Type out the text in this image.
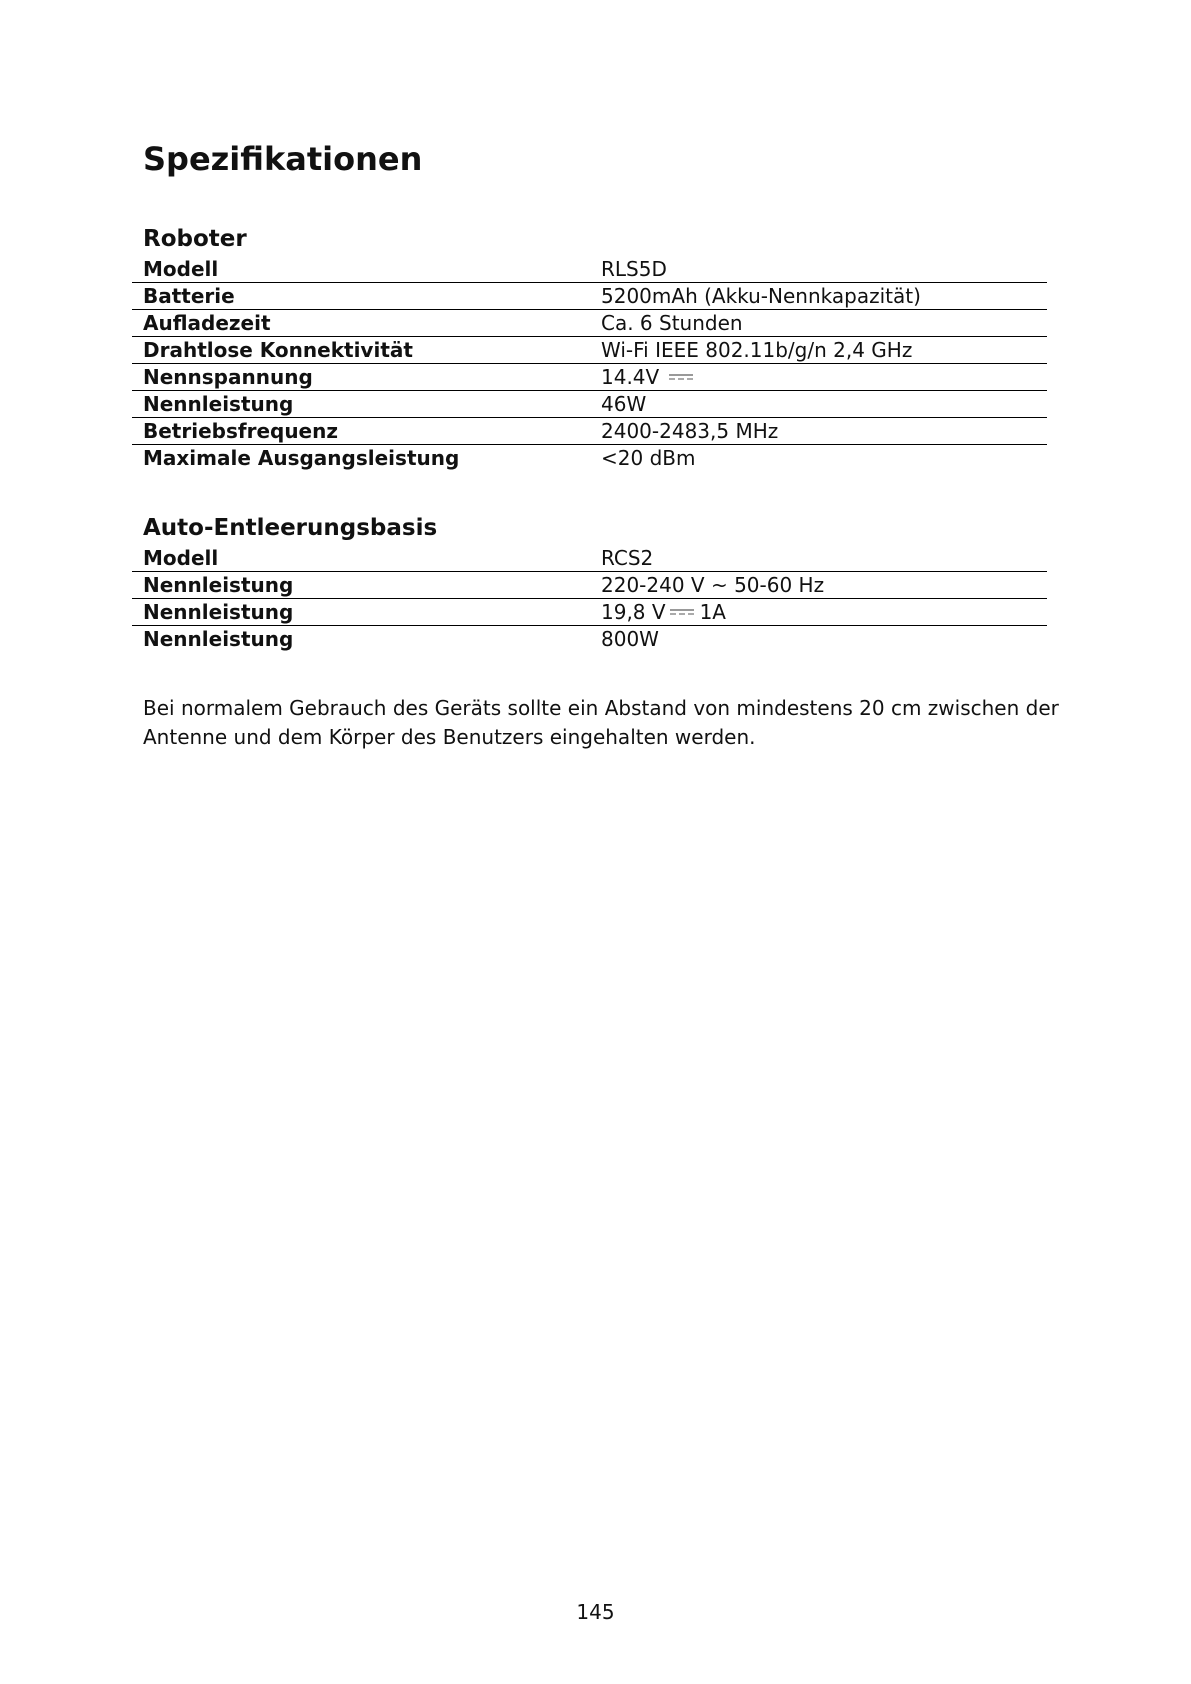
Spezifikationen
Roboter
Modell	RLS5D
Batterie	5200mAh (Akku-Nennkapazität)
Aufladezeit	Ca. 6 Stunden
Drahtlose Konnektivität	Wi-Fi IEEE 802.11b/g/n 2,4 GHz
Nennspannung	14.4V
Nennleistung	46W
Betriebsfrequenz	2400-2483,5 MHz
Maximale Ausgangsleistung	<20 dBm
Auto-Entleerungsbasis
Modell	RCS2
Nennleistung	220-240 V ~ 50-60 Hz
Nennleistung	19,8 V 1A
Nennleistung	800W

Bei normalem Gebrauch des Geräts sollte ein Abstand von mindestens 20 cm zwischen der Antenne und dem Körper des Benutzers eingehalten werden.

145
